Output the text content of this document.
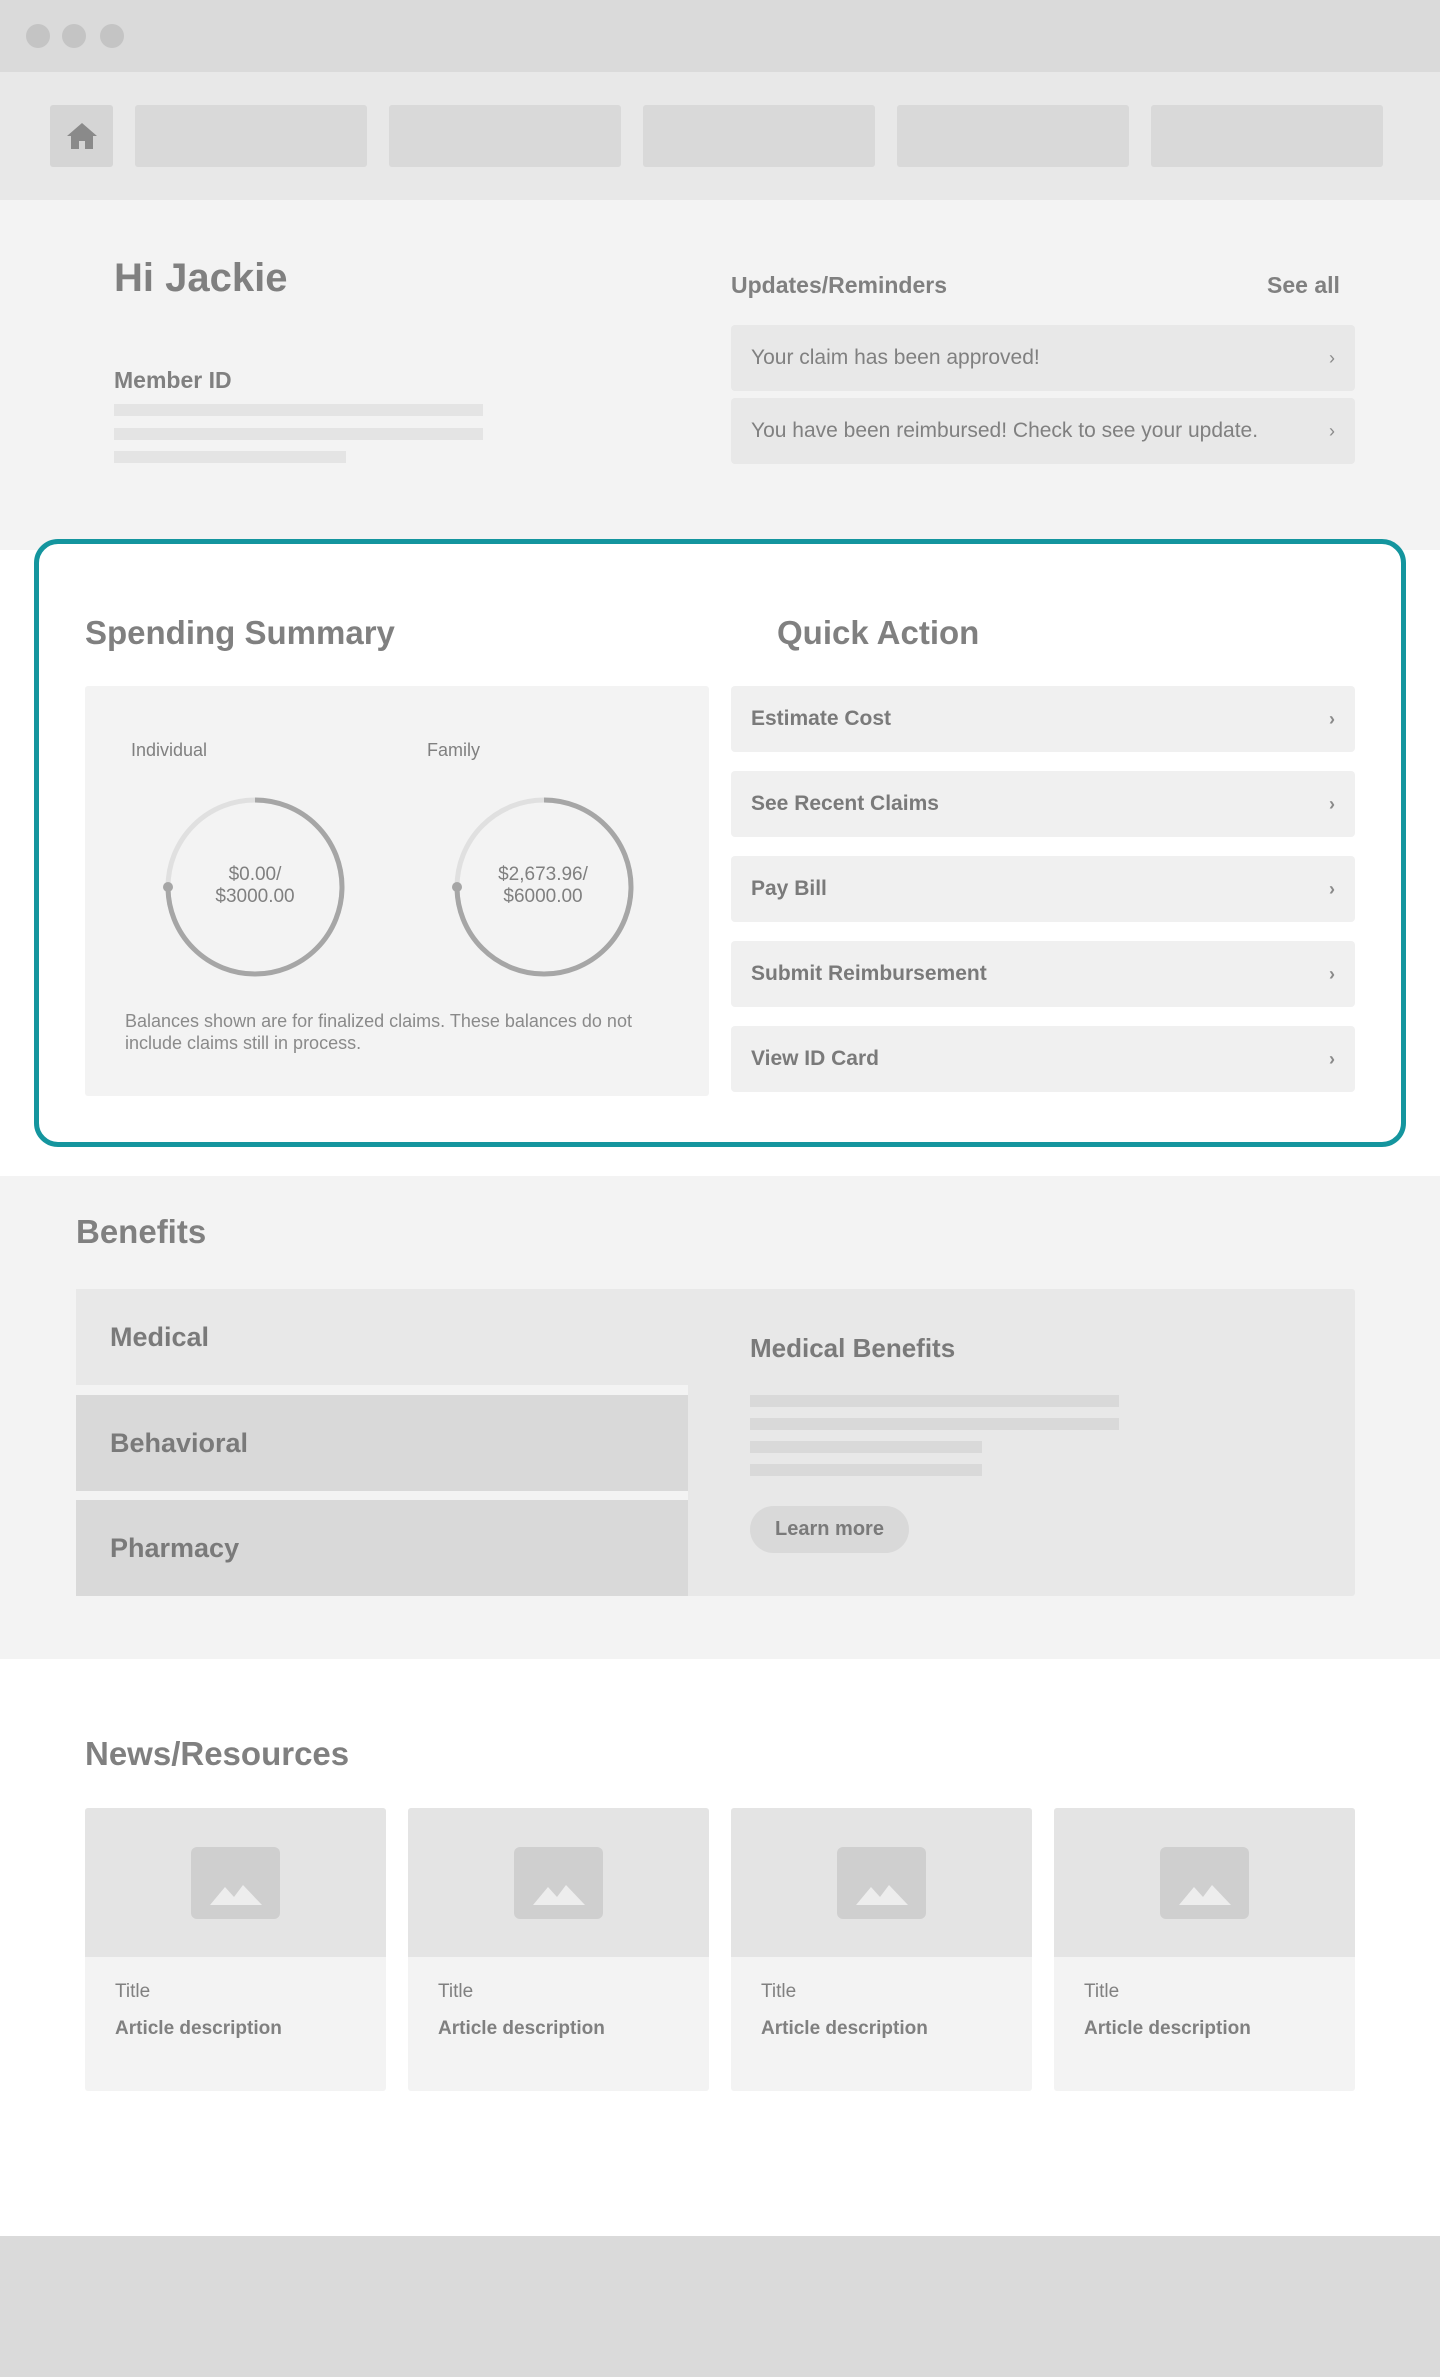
Hi Jackie
Member ID
Updates/Reminders	See all
Your claim has been approved!	›
You have been reimbursed! Check to see your update.	›
Spending Summary	Quick Action
Individual	Family
$0.00/
$3000.00
$2,673.96/
$6000.00
Balances shown are for finalized claims. These balances do not include claims still in process.
Estimate Cost	›
See Recent Claims	›
Pay Bill	›
Submit Reimbursement	›
View ID Card	›
Benefits
Medical
Behavioral
Pharmacy
Medical Benefits
Learn more
News/Resources
Title
Article description
Title
Article description
Title
Article description
Title
Article description
